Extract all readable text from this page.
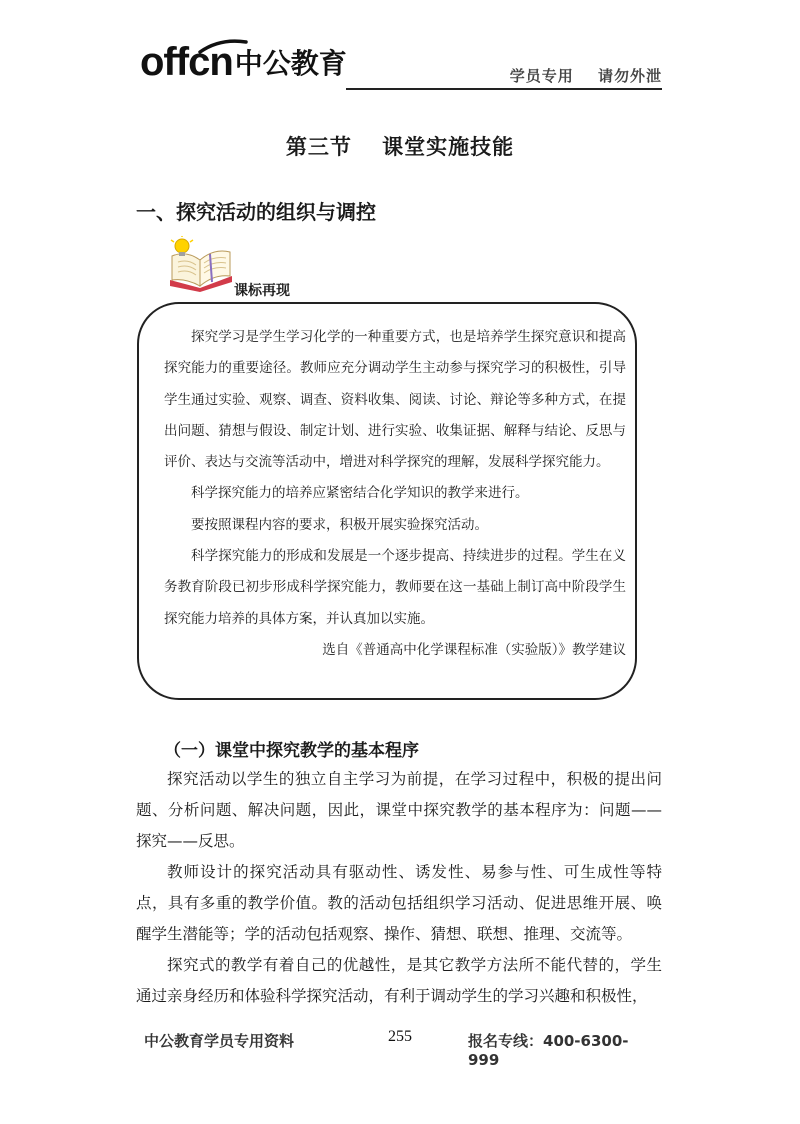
offcn 中公教育	学员专用 请勿外泄
第三节 课堂实施技能
一、探究活动的组织与调控
课标再现

探究学习是学生学习化学的一种重要方式，也是培养学生探究意识和提高探究能力的重要途径。教师应充分调动学生主动参与探究学习的积极性，引导学生通过实验、观察、调查、资料收集、阅读、讨论、辩论等多种方式，在提出问题、猜想与假设、制定计划、进行实验、收集证据、解释与结论、反思与评价、表达与交流等活动中，增进对科学探究的理解，发展科学探究能力。

科学探究能力的培养应紧密结合化学知识的教学来进行。

要按照课程内容的要求，积极开展实验探究活动。

科学探究能力的形成和发展是一个逐步提高、持续进步的过程。学生在义务教育阶段已初步形成科学探究能力，教师要在这一基础上制订高中阶段学生探究能力培养的具体方案，并认真加以实施。

选自《普通高中化学课程标准（实验版）》教学建议

（一）课堂中探究教学的基本程序

探究活动以学生的独立自主学习为前提，在学习过程中，积极的提出问题、分析问题、解决问题，因此，课堂中探究教学的基本程序为：问题——探究——反思。

教师设计的探究活动具有驱动性、诱发性、易参与性、可生成性等特点，具有多重的教学价值。教的活动包括组织学习活动、促进思维开展、唤醒学生潜能等；学的活动包括观察、操作、猜想、联想、推理、交流等。

探究式的教学有着自己的优越性，是其它教学方法所不能代替的，学生通过亲身经历和体验科学探究活动，有利于调动学生的学习兴趣和积极性，

中公教育学员专用资料	255	报名专线：400-6300-999
